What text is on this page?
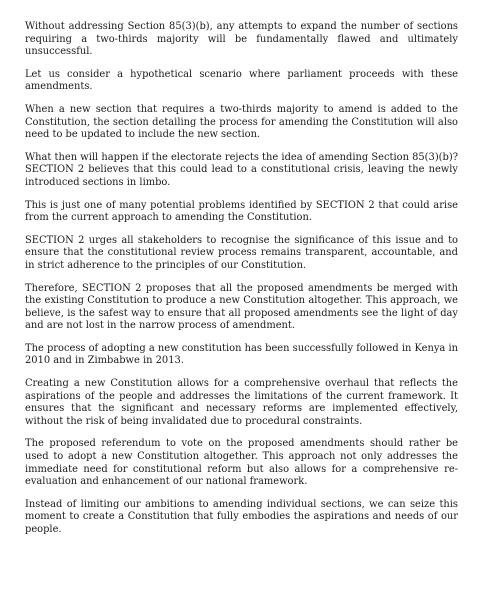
Without addressing Section 85(3)(b), any attempts to expand the number of sections requiring a two-thirds majority will be fundamentally flawed and ultimately unsuccessful.

Let us consider a hypothetical scenario where parliament proceeds with these amendments.

When a new section that requires a two-thirds majority to amend is added to the Constitution, the section detailing the process for amending the Constitution will also need to be updated to include the new section.

What then will happen if the electorate rejects the idea of amending Section 85(3)(b)? SECTION 2 believes that this could lead to a constitutional crisis, leaving the newly introduced sections in limbo.

This is just one of many potential problems identified by SECTION 2 that could arise from the current approach to amending the Constitution.

SECTION 2 urges all stakeholders to recognise the significance of this issue and to ensure that the constitutional review process remains transparent, accountable, and in strict adherence to the principles of our Constitution.

Therefore, SECTION 2 proposes that all the proposed amendments be merged with the existing Constitution to produce a new Constitution altogether. This approach, we believe, is the safest way to ensure that all proposed amendments see the light of day and are not lost in the narrow process of amendment.

The process of adopting a new constitution has been successfully followed in Kenya in 2010 and in Zimbabwe in 2013.

Creating a new Constitution allows for a comprehensive overhaul that reflects the aspirations of the people and addresses the limitations of the current framework. It ensures that the significant and necessary reforms are implemented effectively, without the risk of being invalidated due to procedural constraints.

The proposed referendum to vote on the proposed amendments should rather be used to adopt a new Constitution altogether. This approach not only addresses the immediate need for constitutional reform but also allows for a comprehensive re-evaluation and enhancement of our national framework.

Instead of limiting our ambitions to amending individual sections, we can seize this moment to create a Constitution that fully embodies the aspirations and needs of our people.
